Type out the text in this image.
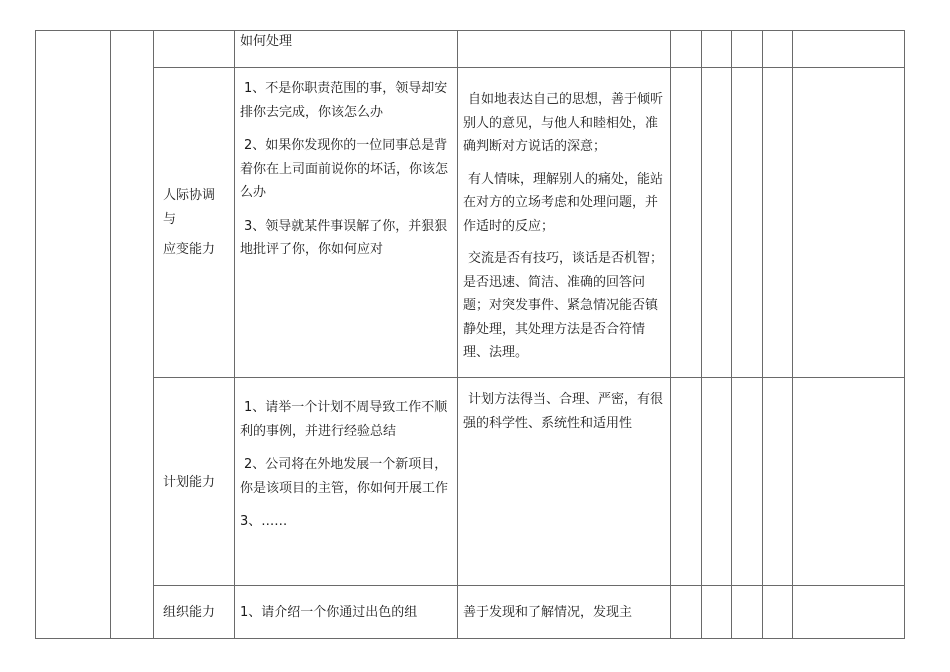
如何处理

人际协调
与
应变能力

1、不是你职责范围的事，领导却安排你去完成，你该怎么办

2、如果你发现你的一位同事总是背着你在上司面前说你的坏话，你该怎么办

3、领导就某件事误解了你，并狠狠地批评了你，你如何应对

自如地表达自己的思想，善于倾听别人的意见，与他人和睦相处，准确判断对方说话的深意；

有人情味，理解别人的痛处，能站在对方的立场考虑和处理问题，并作适时的反应；

交流是否有技巧，谈话是否机智；是否迅速、简洁、准确的回答问题；对突发事件、紧急情况能否镇静处理，其处理方法是否合符情理、法理。

计划能力

1、请举一个计划不周导致工作不顺利的事例，并进行经验总结

2、公司将在外地发展一个新项目，你是该项目的主管，你如何开展工作

3、……

计划方法得当、合理、严密，有很强的科学性、系统性和适用性

组织能力	1、请介绍一个你通过出色的组	善于发现和了解情况，发现主
